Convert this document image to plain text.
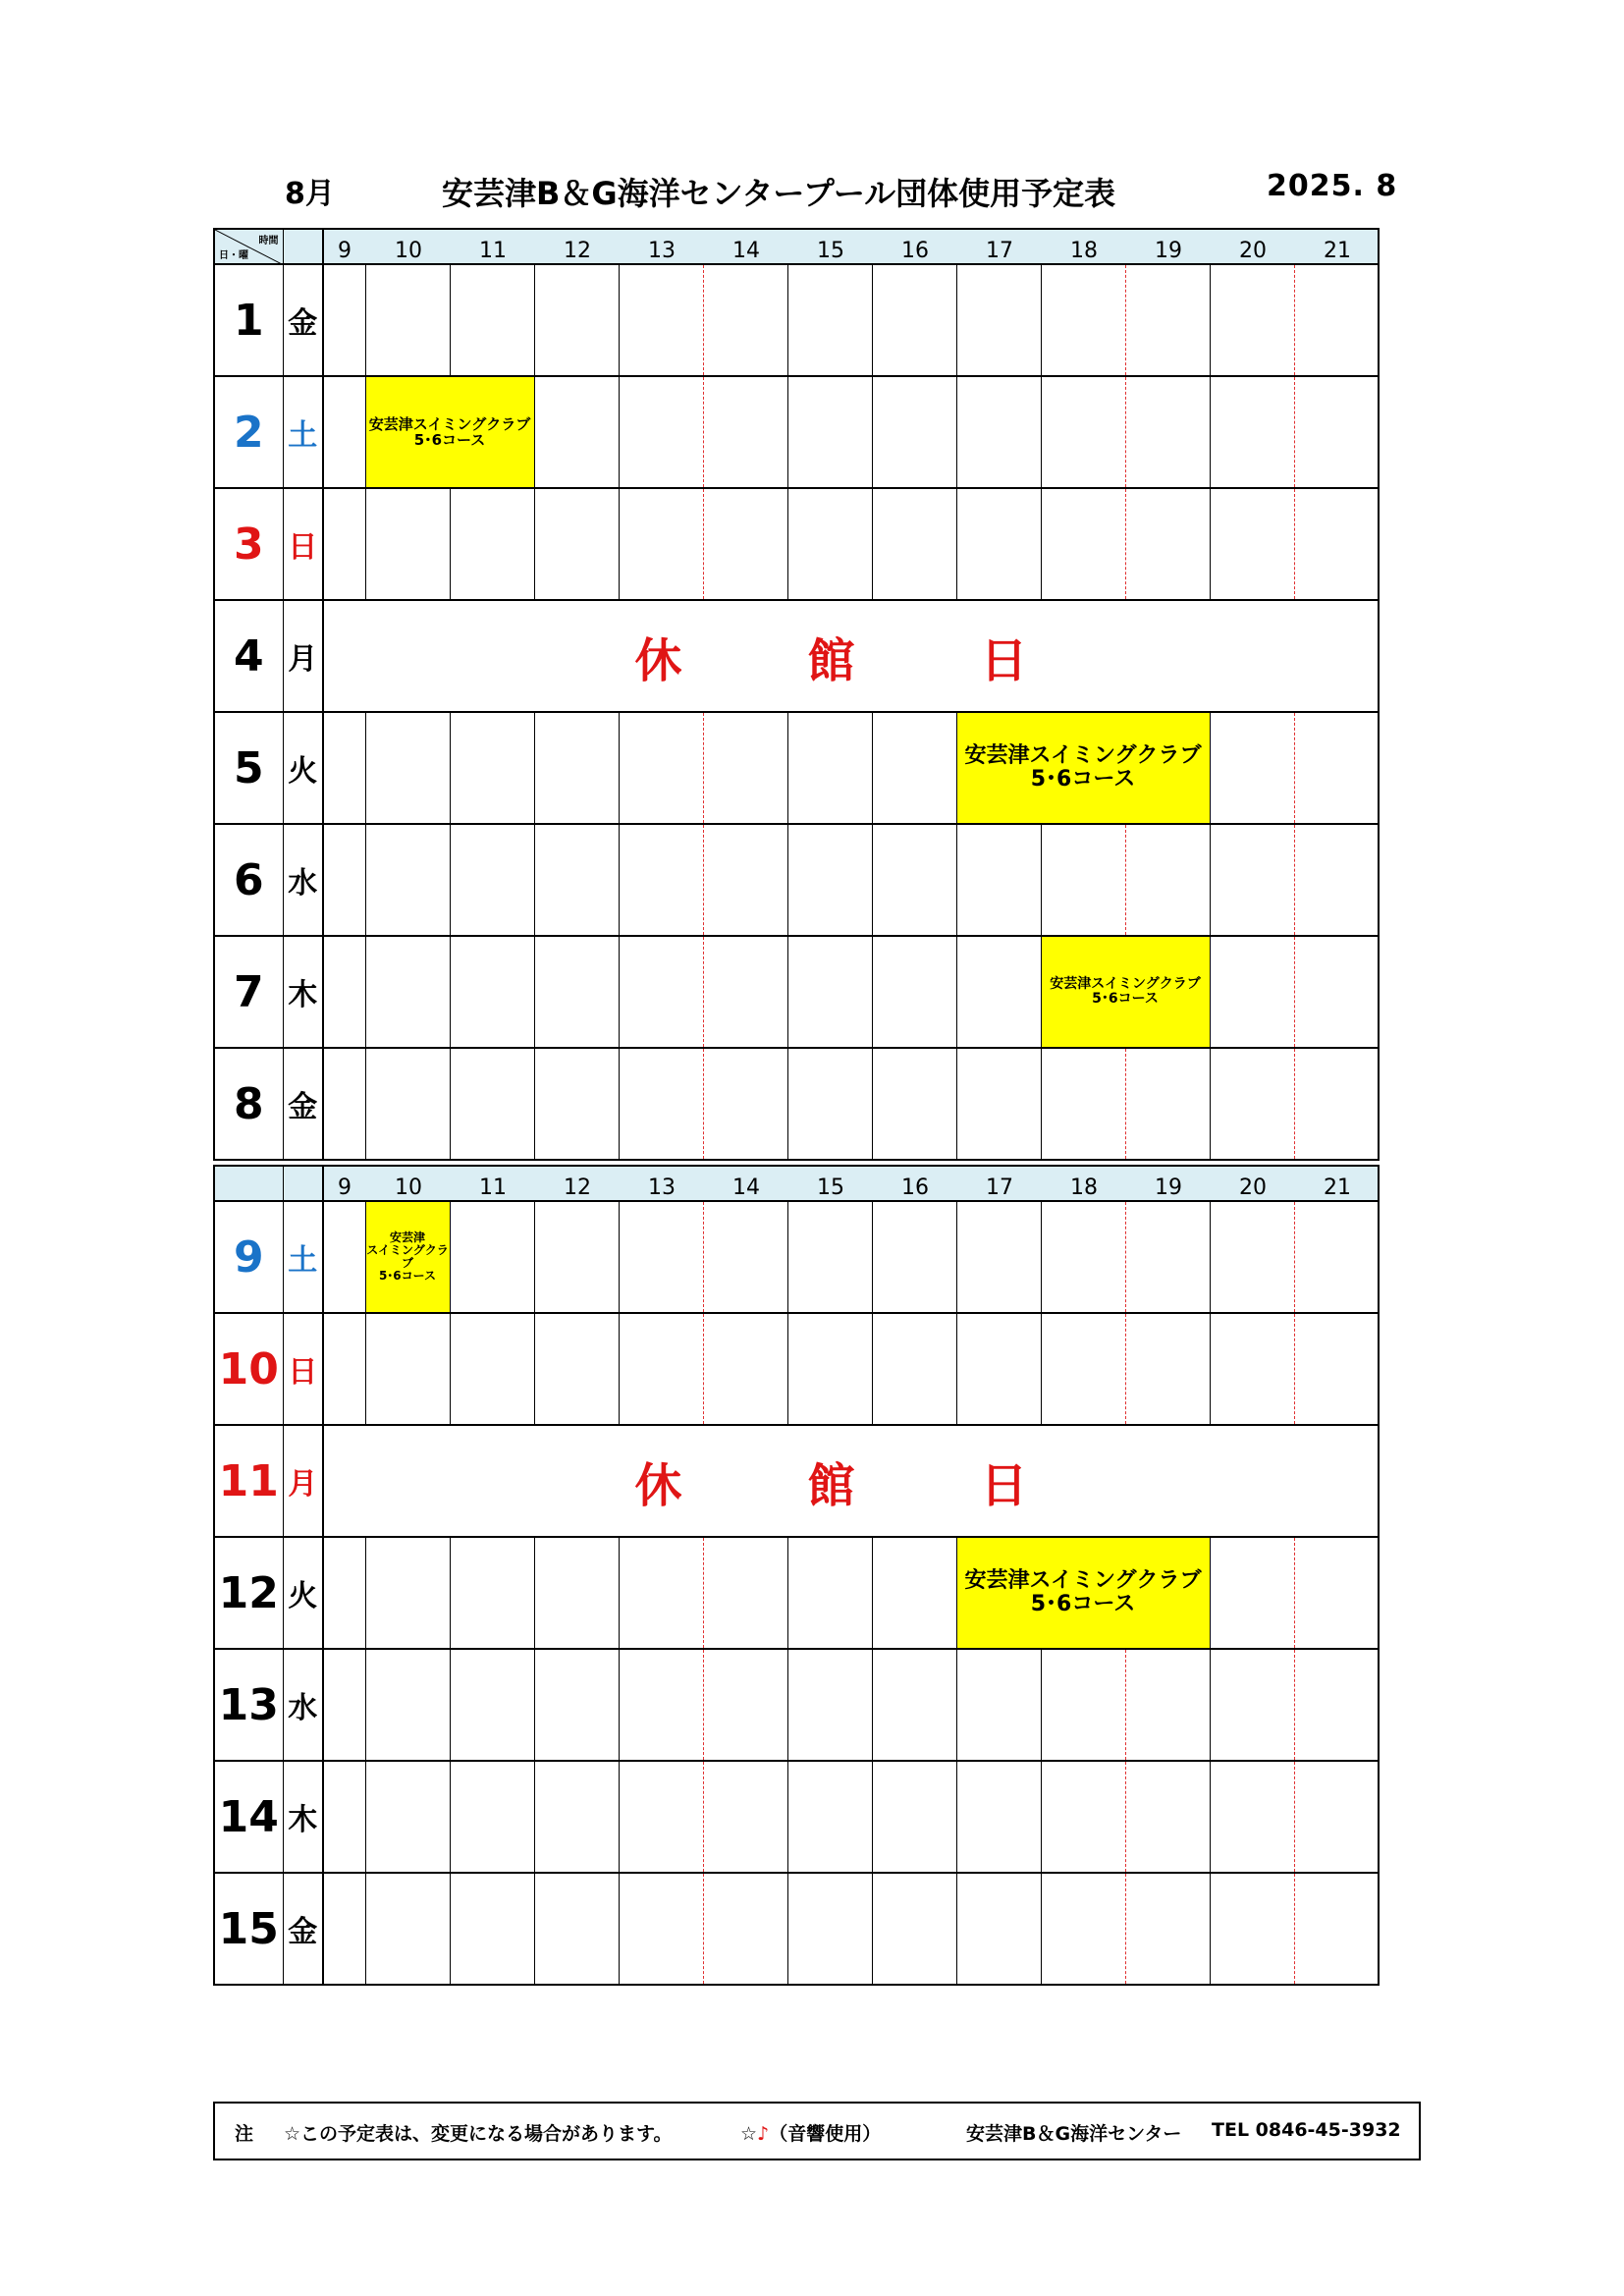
8月	安芸津B＆G海洋センタープール団体使用予定表	2025. 8
時間
日・曜		9	10	11	12	13	14	15	16	17	18	19	20	21

1	金													
2	土		安芸津スイミングクラブ
5･6コース											

3	日													
4	月	休　館　日												
5	火									安芸津スイミングクラブ
5･6コース				

6	水													
7	木										安芸津スイミングクラブ
5･6コース			

8	金													

		9	10	11	12	13	14	15	16	17	18	19	20	21

9	土		安芸津
スイミングクラ
ブ
5･6コース											

10	日													
11	月	休　館　日												
12	火									安芸津スイミングクラブ
5･6コース				

13	水													
14	木													
15	金													
注 ☆この予定表は、変更になる場合があります。	☆♪（音響使用）	安芸津B＆G海洋センター TEL 0846-45-3932
